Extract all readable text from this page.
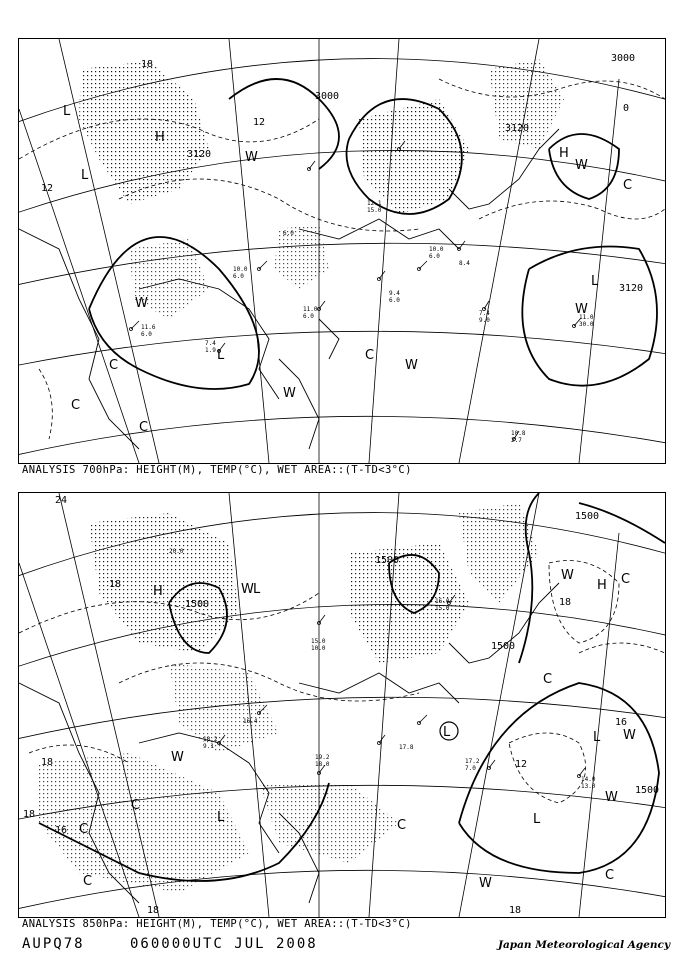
3000
3120
3000
3120
3120
12
12
18
0
L
L
H
H
L
L
W
W
W
W
W
W
C
C
C
C
C
11.6
6.0
7.4
1.9
10.0
6.0
11.0
6.0
9.4
6.0
10.0
6.0
11.0
30.0
10.8
2.7
7.4
9.0
8.4
12.1
15.0
6.0
ANALYSIS 700hPa: HEIGHT(M), TEMP(°C), WET AREA::(T-TD<3°C)
1500
1500
1500
1500
1500
24
18
18
18
18
18
18
12
16
16
H	H
L
L
L	L
L
W
W
W
W
W
W
C
C
C
C
C
C
C
17.2
7.0
14.0
13.0
16.0
15.0
19.2
18.0
15.0
10.0
18.2
9.1	17.8
16.4
20.0
ANALYSIS 850hPa: HEIGHT(M), TEMP(°C), WET AREA::(T-TD<3°C)
AUPQ78	060000UTC JUL 2008	Japan Meteorological Agency
